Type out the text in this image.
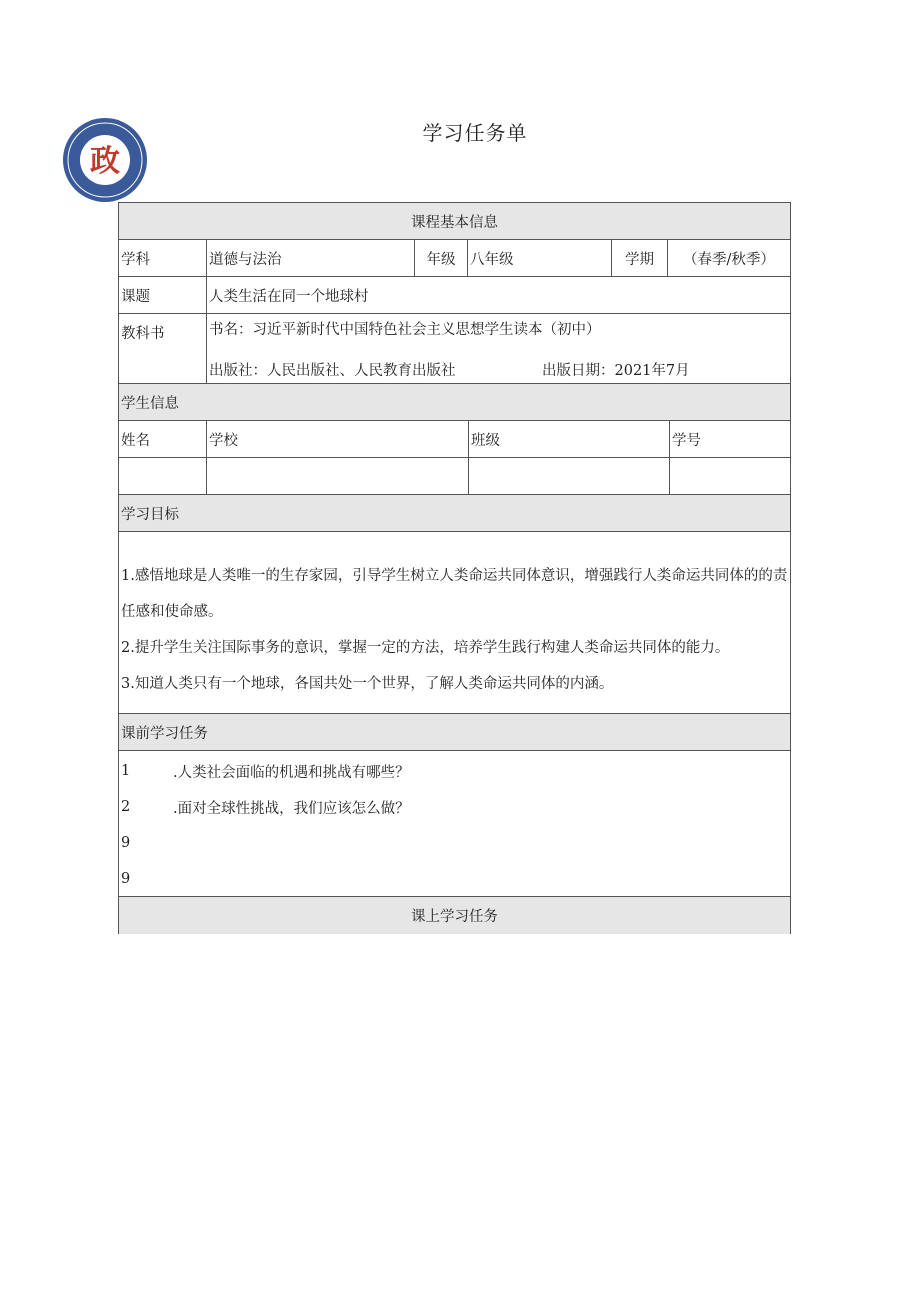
政
学习任务单
课程基本信息
学科	道德与法治	年级	八年级	学期	（春季/秋季）
课题	人类生活在同一个地球村
教科书	书名：习近平新时代中国特色社会主义思想学生读本（初中）
出版社：人民出版社、人民教育出版社	出版日期：2021年7月
学生信息
姓名	学校	班级	学号
学习目标

1.感悟地球是人类唯一的生存家园，引导学生树立人类命运共同体意识，增强践行人类命运共同体的的责任感和使命感。

2.提升学生关注国际事务的意识，掌握一定的方法，培养学生践行构建人类命运共同体的能力。

3.知道人类只有一个地球，各国共处一个世界，了解人类命运共同体的内涵。

课前学习任务
1	.人类社会面临的机遇和挑战有哪些？
2	.面对全球性挑战，我们应该怎么做？
9
9
课上学习任务
